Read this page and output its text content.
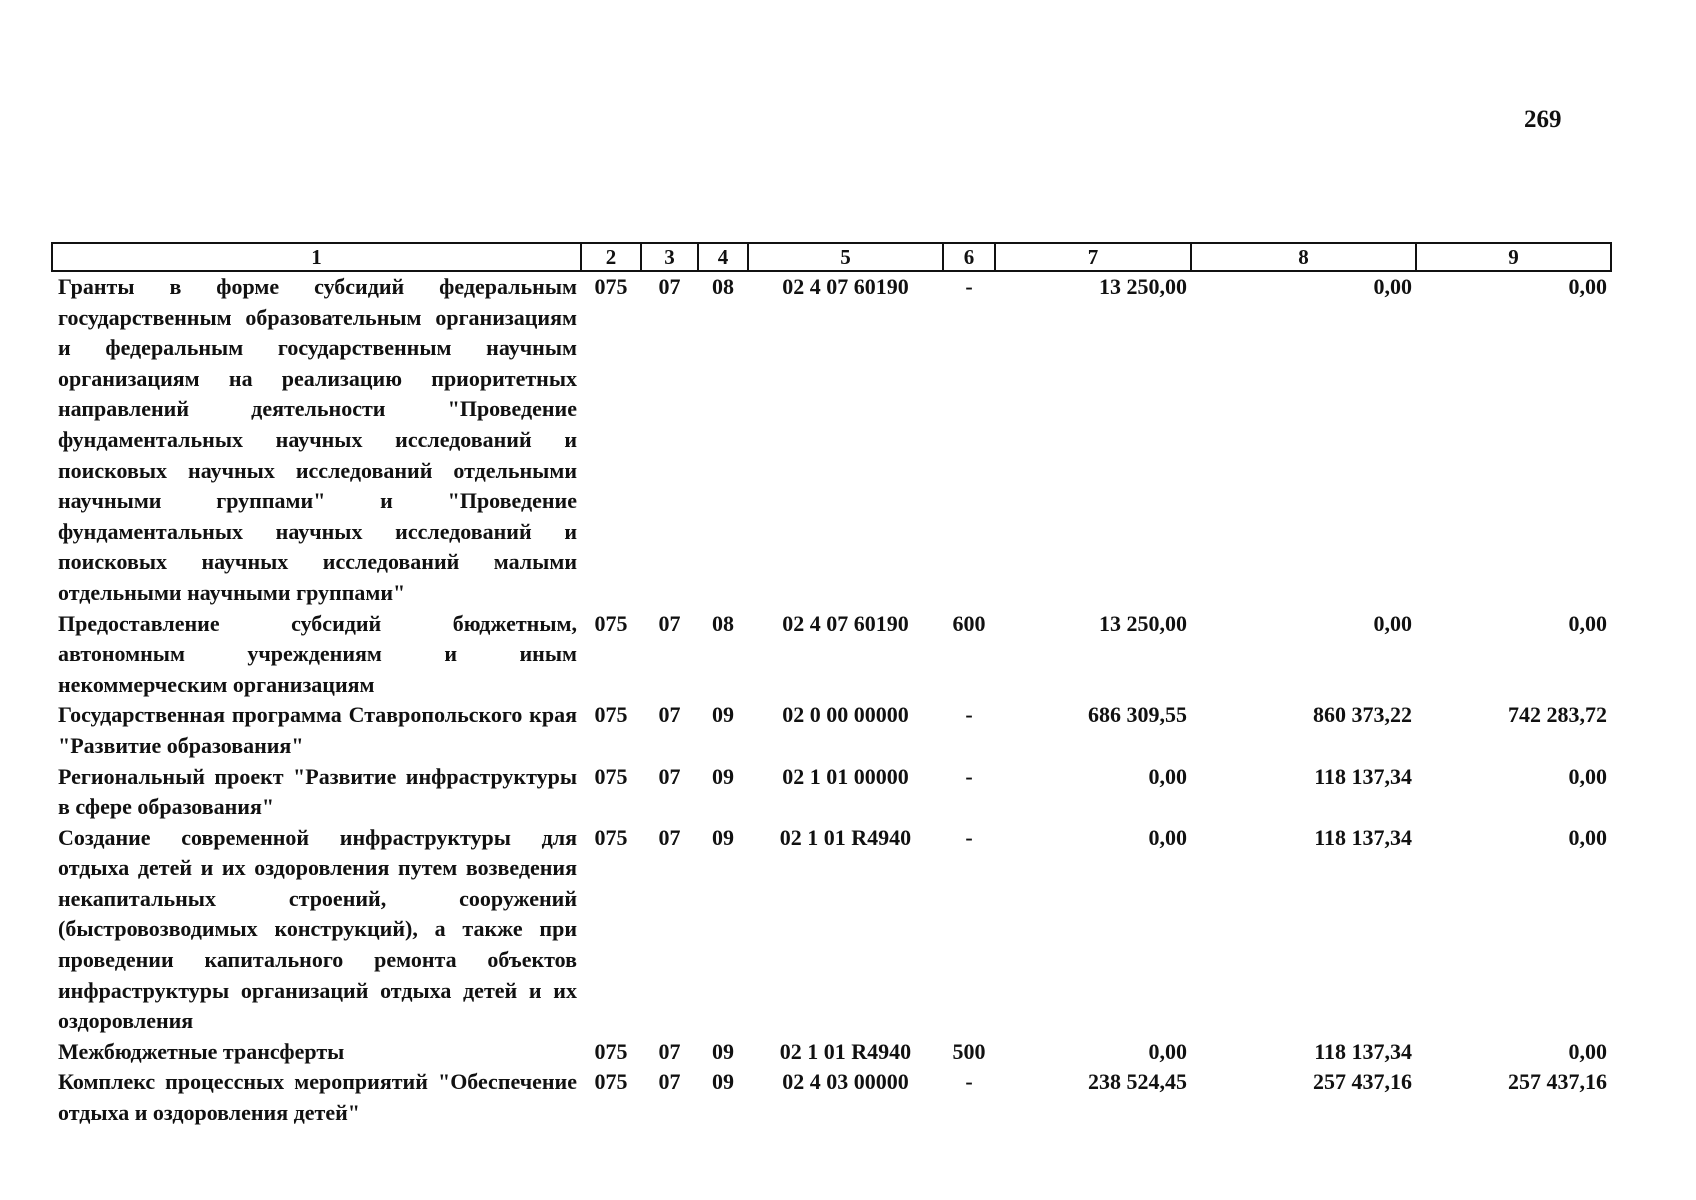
269
1	2	3	4	5	6	7	8	9
Гранты в форме субсидий федеральным государственным образовательным организациям и федеральным государственным научным организациям на реализацию приоритетных направлений деятельности "Проведение фундаментальных научных исследований и поисковых научных исследований отдельными научными группами" и "Проведение фундаментальных научных исследований и поисковых научных исследований малыми отдельными научными группами"	075	07	08	02 4 07 60190	-	13 250,00	0,00	0,00
Предоставление субсидий бюджетным, автономным учреждениям и иным некоммерческим организациям	075	07	08	02 4 07 60190	600	13 250,00	0,00	0,00
Государственная программа Ставропольского края "Развитие образования"	075	07	09	02 0 00 00000	-	686 309,55	860 373,22	742 283,72
Региональный проект "Развитие инфраструктуры в сфере образования"	075	07	09	02 1 01 00000	-	0,00	118 137,34	0,00
Создание современной инфраструктуры для отдыха детей и их оздоровления путем возведения некапитальных строений, сооружений (быстровозводимых конструкций), а также при проведении капитального ремонта объектов инфраструктуры организаций отдыха детей и их оздоровления	075	07	09	02 1 01 R4940	-	0,00	118 137,34	0,00
Межбюджетные трансферты	075	07	09	02 1 01 R4940	500	0,00	118 137,34	0,00
Комплекс процессных мероприятий "Обеспечение отдыха и оздоровления детей"	075	07	09	02 4 03 00000	-	238 524,45	257 437,16	257 437,16
